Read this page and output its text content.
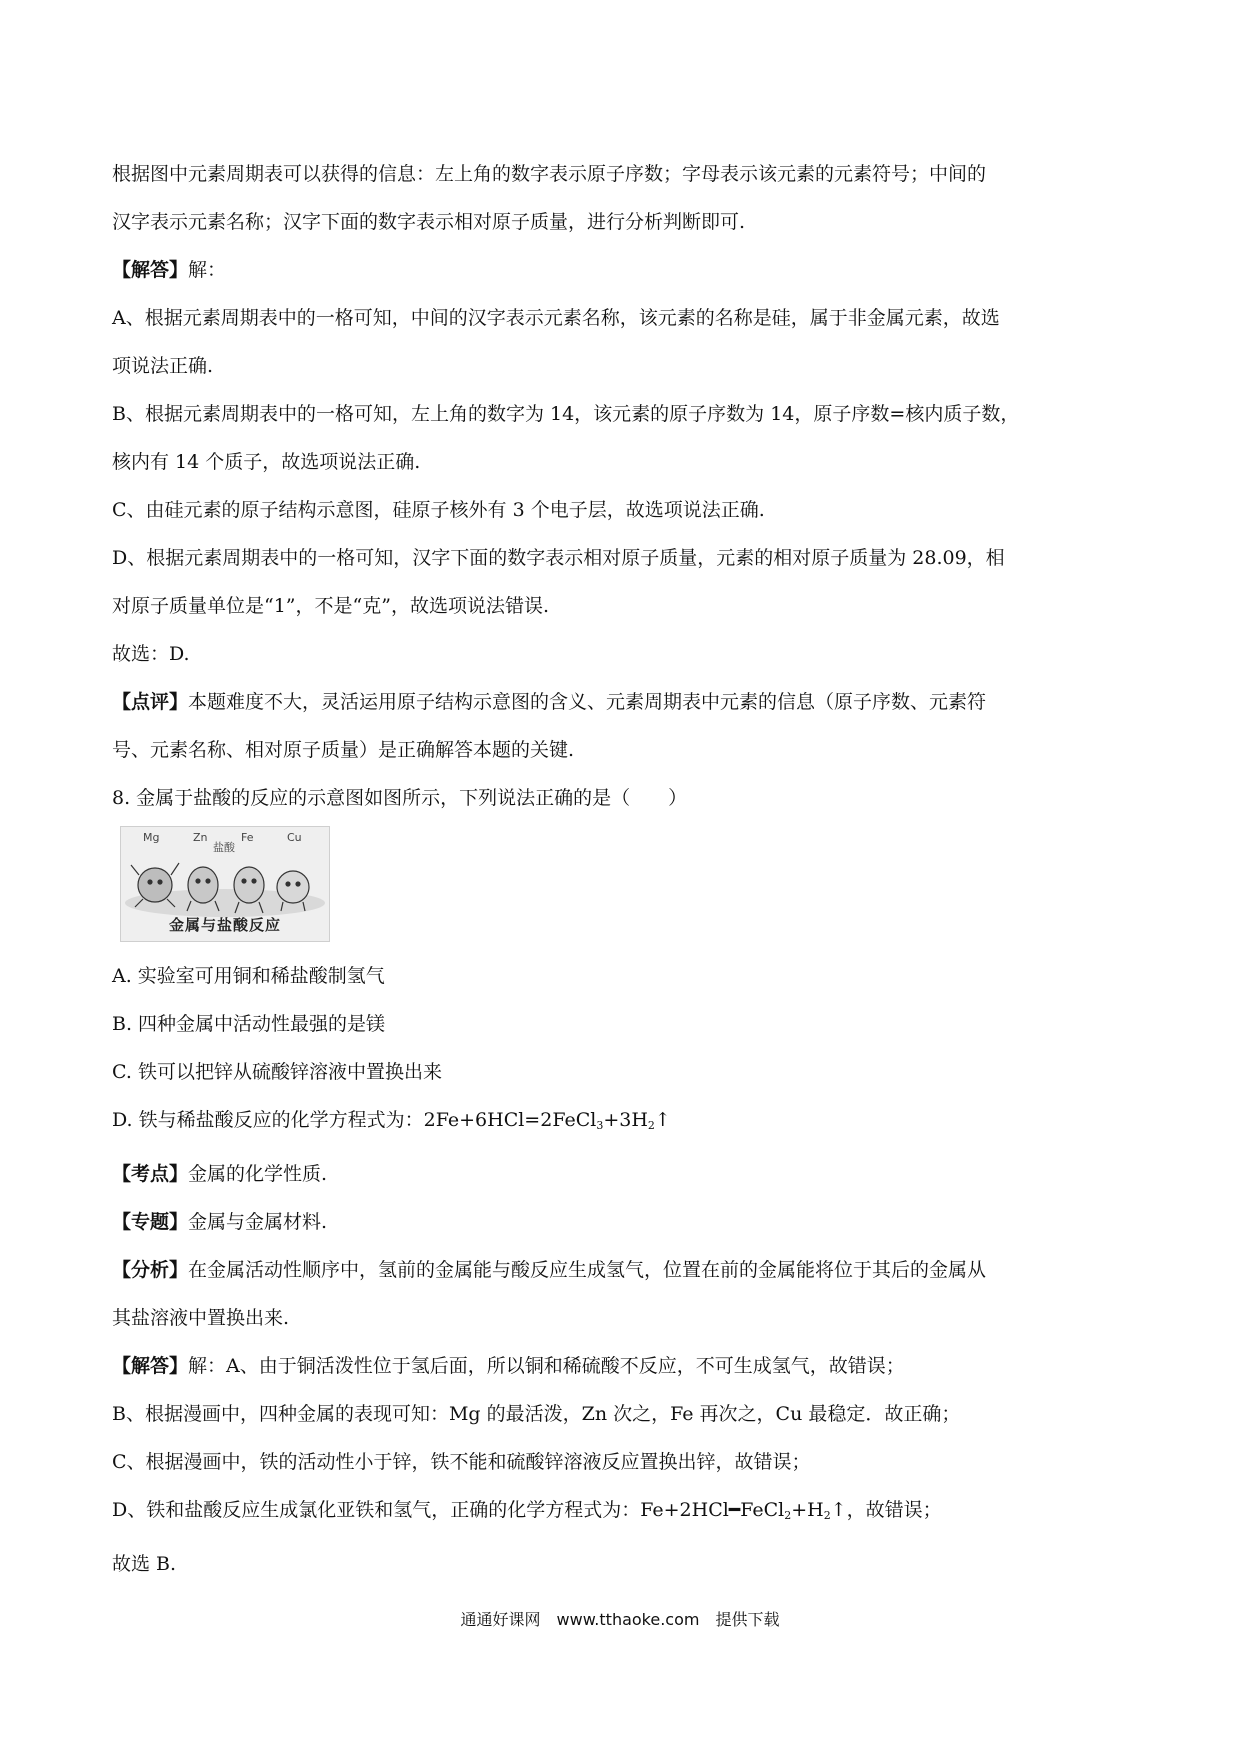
根据图中元素周期表可以获得的信息：左上角的数字表示原子序数；字母表示该元素的元素符号；中间的

汉字表示元素名称；汉字下面的数字表示相对原子质量，进行分析判断即可.

【解答】解：

A、根据元素周期表中的一格可知，中间的汉字表示元素名称，该元素的名称是硅，属于非金属元素，故选

项说法正确.

B、根据元素周期表中的一格可知，左上角的数字为 14，该元素的原子序数为 14，原子序数=核内质子数，

核内有 14 个质子，故选项说法正确.

C、由硅元素的原子结构示意图，硅原子核外有 3 个电子层，故选项说法正确.

D、根据元素周期表中的一格可知，汉字下面的数字表示相对原子质量，元素的相对原子质量为 28.09，相

对原子质量单位是“1”，不是“克”，故选项说法错误.

故选：D.

【点评】本题难度不大，灵活运用原子结构示意图的含义、元素周期表中元素的信息（原子序数、元素符

号、元素名称、相对原子质量）是正确解答本题的关键.

8. 金属于盐酸的反应的示意图如图所示，下列说法正确的是（　　）

Mg	Zn
盐酸
Fe	Cu
金属与盐酸反应

A. 实验室可用铜和稀盐酸制氢气

B. 四种金属中活动性最强的是镁

C. 铁可以把锌从硫酸锌溶液中置换出来

D. 铁与稀盐酸反应的化学方程式为：$2Fe+6HCl=2FeCl_3+3H_2↑$

【考点】金属的化学性质.

【专题】金属与金属材料.

【分析】在金属活动性顺序中，氢前的金属能与酸反应生成氢气，位置在前的金属能将位于其后的金属从

其盐溶液中置换出来.

【解答】解：A、由于铜活泼性位于氢后面，所以铜和稀硫酸不反应，不可生成氢气，故错误；

B、根据漫画中，四种金属的表现可知：Mg 的最活泼，Zn 次之，Fe 再次之，Cu 最稳定．故正确；

C、根据漫画中，铁的活动性小于锌，铁不能和硫酸锌溶液反应置换出锌，故错误；

D、铁和盐酸反应生成氯化亚铁和氢气，正确的化学方程式为：$Fe+2HCl━FeCl_2+H_2↑$，故错误；

故选 B.

通通好课网　www.tthaoke.com　提供下载
